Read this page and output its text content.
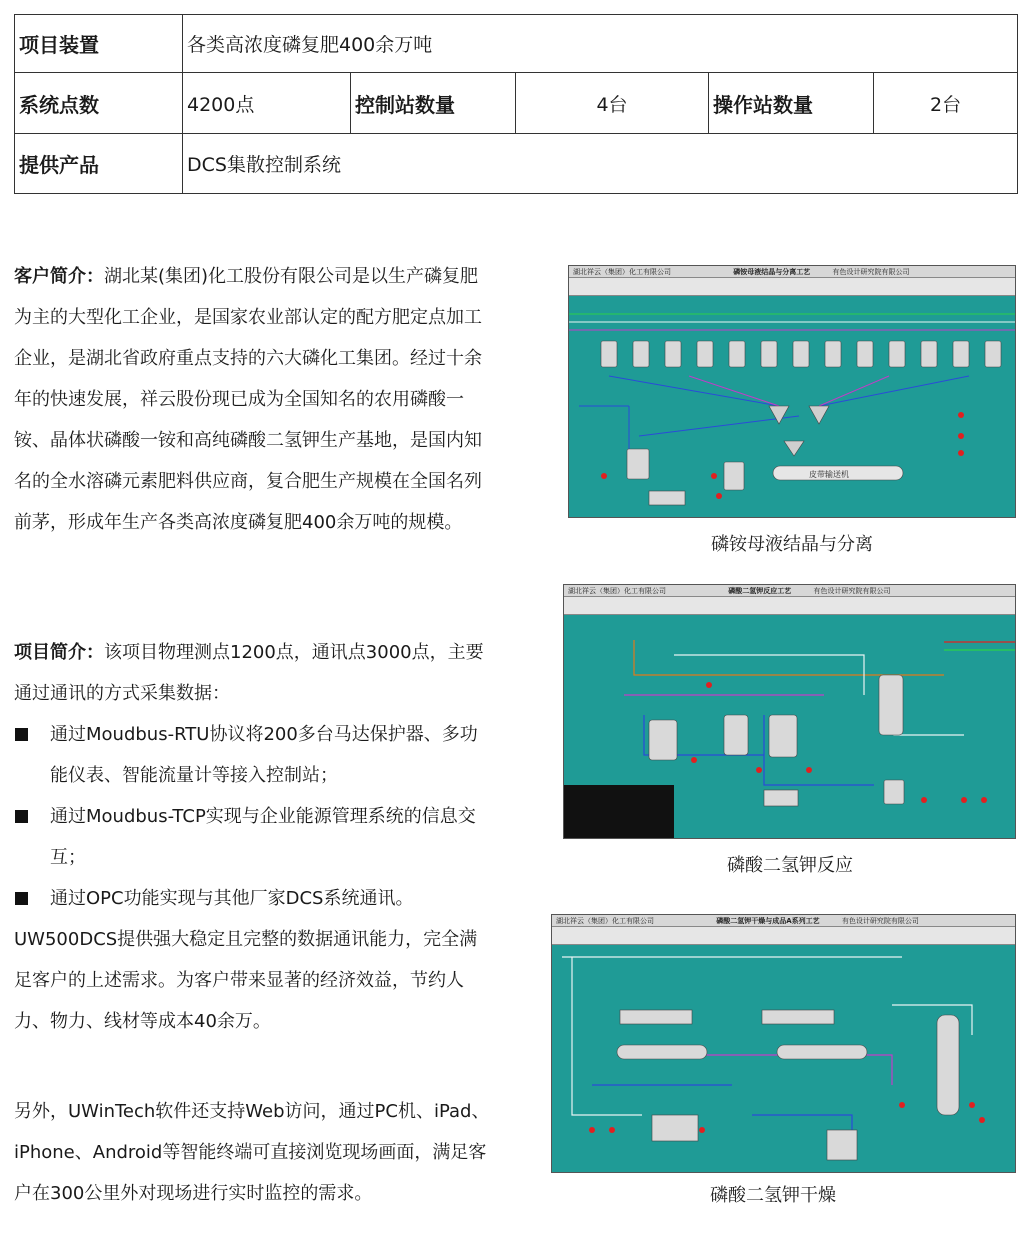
项目装置	各类高浓度磷复肥400余万吨				
系统点数	4200点	控制站数量	4台	操作站数量	2台
提供产品	DCS集散控制系统				
客户简介：湖北某(集团)化工股份有限公司是以生产磷复肥为主的大型化工企业，是国家农业部认定的配方肥定点加工企业，是湖北省政府重点支持的六大磷化工集团。经过十余年的快速发展，祥云股份现已成为全国知名的农用磷酸一铵、晶体状磷酸一铵和高纯磷酸二氢钾生产基地，是国内知名的全水溶磷元素肥料供应商，复合肥生产规模在全国名列前茅，形成年生产各类高浓度磷复肥400余万吨的规模。
项目简介：该项目物理测点1200点，通讯点3000点，主要通过通讯的方式采集数据：
通过Moudbus-RTU协议将200多台马达保护器、多功能仪表、智能流量计等接入控制站；
通过Moudbus-TCP实现与企业能源管理系统的信息交互；
通过OPC功能实现与其他厂家DCS系统通讯。
UW500DCS提供强大稳定且完整的数据通讯能力，完全满足客户的上述需求。为客户带来显著的经济效益，节约人力、物力、线材等成本40余万。
另外，UWinTech软件还支持Web访问，通过PC机、iPad、iPhone、Android等智能终端可直接浏览现场画面，满足客户在300公里外对现场进行实时监控的需求。
湖北祥云（集团）化工有限公司	磷铵母液结晶与分离工艺	有色设计研究院有限公司
皮带输送机
磷铵母液结晶与分离
湖北祥云（集团）化工有限公司	磷酸二氢钾反应工艺	有色设计研究院有限公司
磷酸二氢钾反应
湖北祥云（集团）化工有限公司	磷酸二氢钾干燥与成品A系列工艺	有色设计研究院有限公司
磷酸二氢钾干燥
